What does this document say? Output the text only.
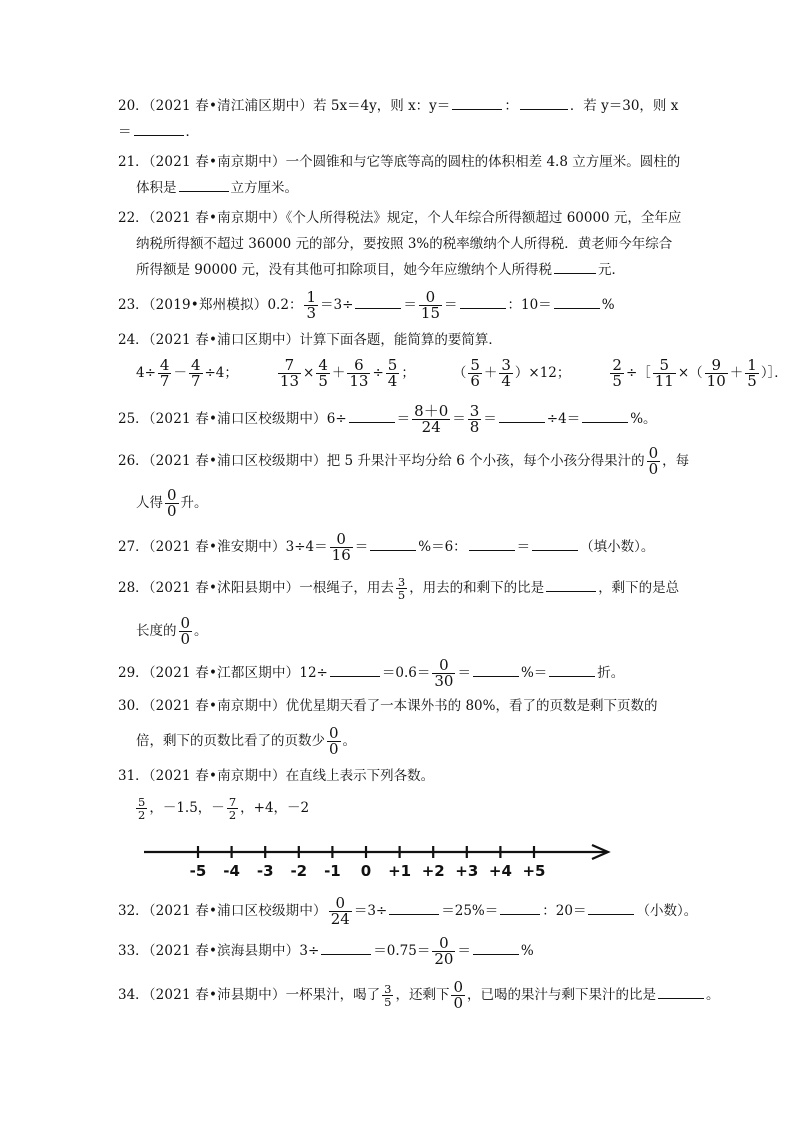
20．（2021 春•清江浦区期中）若 5x＝4y，则 x：y＝	：	．若 y＝30，则 x
＝	．
21．（2021 春•南京期中）一个圆锥和与它等底等高的圆柱的体积相差 4.8 立方厘米。圆柱的
体积是	立方厘米。
22．（2021 春•南京期中）《个人所得税法》规定，个人年综合所得额超过 60000 元，全年应
纳税所得额不超过 36000 元的部分，要按照 3%的税率缴纳个人所得税．黄老师今年综合
所得额是 90000 元，没有其他可扣除项目，她今年应缴纳个人所得税	元．
23．（2019•郑州模拟）0.2： $\frac{1}{3} =3\div$	＝ $\frac{0}{15}$ ＝	：10＝	%
24．（2021 春•浦口区期中）计算下面各题，能简算的要简算．
$4\div \frac{4}{7} - \frac{4}{7} \div 4$；	$\frac{7}{13} \times \frac{4}{5} + \frac{6}{13} \div \frac{5}{4}$ ；	（ $\frac{5}{6} + \frac{3}{4} )\times 12$；	$\frac{2}{5}$ ÷［ $\frac{5}{11}$ ×（ $\frac{9}{10} + \frac{1}{5}$ ）］．
25．（2021 春•浦口区校级期中）6÷	＝ $\frac{8+0}{24} = \frac{3}{8}$ ＝	÷4＝	%。
26．（2021 春•浦口区校级期中）把 5 升果汁平均分给 6 个小孩，每个小孩分得果汁的 $\frac{0}{0}$ ，每
人得 $\frac{0}{0}$ 升。
27．（2021 春•淮安期中）$3\div 4= \frac{0}{16}$ ＝	%＝6：	＝	（填小数）。
28．（2021 春•沭阳县期中）一根绳子，用去 $\frac{3}{5}$ ，用去的和剩下的比是	，剩下的是总
长度的 $\frac{0}{0}$ 。
29．（2021 春•江都区期中）12÷	$=0.6= \frac{0}{30}$ ＝	%＝	折。
30．（2021 春•南京期中）优优星期天看了一本课外书的 80%，看了的页数是剩下页数的
倍，剩下的页数比看了的页数少 $\frac{0}{0}$ 。
31．（2021 春•南京期中）在直线上表示下列各数。
$\frac{5}{2}$ ，－1.5，－ $\frac{7}{2}$ ，+4，－2
-5 -4 -3 -2 -1 0 +1 +2 +3 +4 +5
32．（2021 春•浦口区校级期中） $\frac{0}{24} =3\div$	＝25%＝	：20＝	（小数）。
33．（2021 春•滨海县期中）3÷	$=0.75= \frac{0}{20}$ ＝	%
34．（2021 春•沛县期中）一杯果汁，喝了 $\frac{3}{5}$ ，还剩下 $\frac{0}{0}$ ，已喝的果汁与剩下果汁的比是	。
